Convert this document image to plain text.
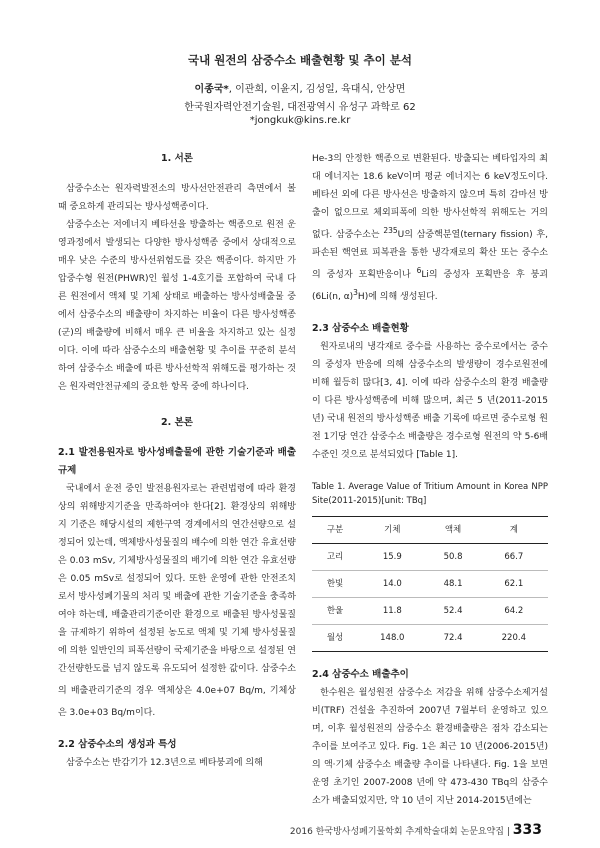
국내 원전의 삼중수소 배출현황 및 추이 분석
이종국*, 이관희, 이윤지, 김성일, 육대식, 안상면
한국원자력안전기술원, 대전광역시 유성구 과학로 62
*jongkuk@kins.re.kr
1. 서론

삼중수소는 원자력발전소의 방사선안전관리 측면에서 볼 때 중요하게 관리되는 방사성핵종이다.

삼중수소는 저에너지 베타선을 방출하는 핵종으로 원전 운영과정에서 발생되는 다양한 방사성핵종 중에서 상대적으로 매우 낮은 수준의 방사선위험도를 갖은 핵종이다. 하지만 가압중수형 원전(PHWR)인 월성 1-4호기를 포함하여 국내 다른 원전에서 액체 및 기체 상태로 배출하는 방사성배출물 중에서 삼중수소의 배출량이 차지하는 비율이 다른 방사성핵종(군)의 배출량에 비해서 매우 큰 비율을 차지하고 있는 실정이다. 이에 따라 삼중수소의 배출현황 및 추이를 꾸준히 분석하여 삼중수소 배출에 따른 방사선학적 위해도를 평가하는 것은 원자력안전규제의 중요한 항목 중에 하나이다.

2. 본론
2.1 발전용원자로 방사성배출물에 관한 기술기준과 배출규제

국내에서 운전 중인 발전용원자로는 관련법령에 따라 환경상의 위해방지기준을 만족하여야 한다[2]. 환경상의 위해방지 기준은 해당시설의 제한구역 경계에서의 연간선량으로 설정되어 있는데, 액체방사성물질의 배수에 의한 연간 유효선량은 0.03 mSv, 기체방사성물질의 배기에 의한 연간 유효선량은 0.05 mSv로 설정되어 있다. 또한 운영에 관한 안전조치로서 방사성폐기물의 처리 및 배출에 관한 기술기준을 충족하여야 하는데, 배출관리기준이란 환경으로 배출된 방사성물질을 규제하기 위하여 설정된 농도로 액체 및 기체 방사성물질에 의한 일반인의 피폭선량이 국제기준을 바탕으로 설정된 연간선량한도를 넘지 않도록 유도되어 설정한 값이다. 삼중수소의 배출관리기준의 경우 액체상은 4.0e+07 Bq/m, 기체상은 3.0e+03 Bq/m이다.

2.2 삼중수소의 생성과 특성

삼중수소는 반감기가 12.3년으로 베타붕괴에 의해

He-3의 안정한 핵종으로 변환된다. 방출되는 베타입자의 최대 에너지는 18.6 keV이며 평균 에너지는 6 keV정도이다. 베타선 외에 다른 방사선은 방출하지 않으며 특히 감마선 방출이 없으므로 체외피폭에 의한 방사선학적 위해도는 거의 없다. 삼중수소는 $^{235}$U의 삼중핵분열(ternary fission) 후, 파손된 핵연료 피복관을 통한 냉각재로의 확산 또는 중수소의 중성자 포획반응이나 $^6$Li의 중성자 포획반응 후 붕괴(6Li(n, α)$^3$H)에 의해 생성된다.

2.3 삼중수소 배출현황

원자로내의 냉각재로 중수를 사용하는 중수로에서는 중수의 중성자 반응에 의해 삼중수소의 발생량이 경수로원전에 비해 월등히 많다[3, 4]. 이에 따라 삼중수소의 환경 배출량이 다른 방사성핵종에 비해 많으며, 최근 5 년(2011-2015년) 국내 원전의 방사성핵종 배출 기록에 따르면 중수로형 원전 1기당 연간 삼중수소 배출량은 경수로형 원전의 약 5-6배 수준인 것으로 분석되었다 [Table 1].

Table 1. Average Value of Tritium Amount in Korea NPP Site(2011-2015)[unit: TBq]

구분	기체	액체	계
고리	15.9	50.8	66.7
한빛	14.0	48.1	62.1
한울	11.8	52.4	64.2
월성	148.0	72.4	220.4
2.4 삼중수소 배출추이

한수원은 월성원전 삼중수소 저감을 위해 삼중수소제거설비(TRF) 건설을 추진하여 2007년 7월부터 운영하고 있으며, 이후 월성원전의 삼중수소 환경배출량은 점차 감소되는 추이를 보여주고 있다. Fig. 1은 최근 10 년(2006-2015년)의 액·기체 삼중수소 배출량 추이를 나타낸다. Fig. 1을 보면 운영 초기인 2007-2008 년에 약 473-430 TBq의 삼중수소가 배출되었지만, 약 10 년이 지난 2014-2015년에는

2016 한국방사성폐기물학회 추계학술대회 논문요약집 | 333
